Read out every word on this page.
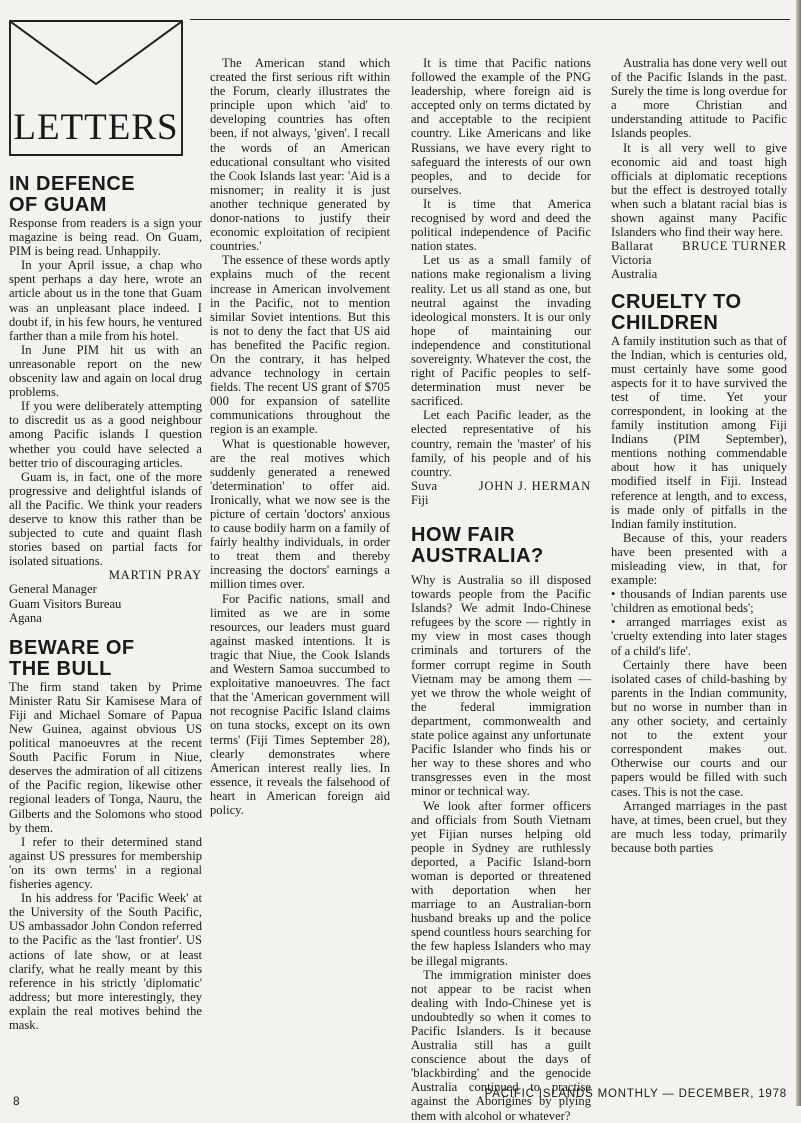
LETTERS
IN DEFENCE
OF GUAM

Response from readers is a sign your magazine is being read. On Guam, PIM is being read. Unhappily.

In your April issue, a chap who spent perhaps a day here, wrote an article about us in the tone that Guam was an unpleasant place indeed. I doubt if, in his few hours, he ventured farther than a mile from his hotel.

In June PIM hit us with an unreasonable report on the new obscenity law and again on local drug problems.

If you were deliberately attempting to discredit us as a good neighbour among Pacific islands I question whether you could have selected a better trio of discouraging articles.

Guam is, in fact, one of the more progressive and delightful islands of all the Pacific. We think your readers deserve to know this rather than be subjected to cute and quaint flash stories based on partial facts for isolated situations.

MARTIN PRAY
General Manager
Guam Visitors Bureau
Agana
BEWARE OF
THE BULL

The firm stand taken by Prime Minister Ratu Sir Kamisese Mara of Fiji and Michael Somare of Papua New Guinea, against obvious US political manoeuvres at the recent South Pacific Forum in Niue, deserves the admiration of all citizens of the Pacific region, likewise other regional leaders of Tonga, Nauru, the Gilberts and the Solomons who stood by them.

I refer to their determined stand against US pressures for membership 'on its own terms' in a regional fisheries agency.

In his address for 'Pacific Week' at the University of the South Pacific, US ambassador John Condon referred to the Pacific as the 'last frontier'. US actions of late show, or at least clarify, what he really meant by this reference in his strictly 'diplomatic' address; but more interestingly, they explain the real motives behind the mask.

The American stand which created the first serious rift within the Forum, clearly illustrates the principle upon which 'aid' to developing countries has often been, if not always, 'given'. I recall the words of an American educational consultant who visited the Cook Islands last year: 'Aid is a misnomer; in reality it is just another technique generated by donor-nations to justify their economic exploitation of recipient countries.'

The essence of these words aptly explains much of the recent increase in American involvement in the Pacific, not to mention similar Soviet intentions. But this is not to deny the fact that US aid has benefited the Pacific region. On the contrary, it has helped advance technology in certain fields. The recent US grant of $705 000 for expansion of satellite communications throughout the region is an example.

What is questionable however, are the real motives which suddenly generated a renewed 'determination' to offer aid. Ironically, what we now see is the picture of certain 'doctors' anxious to cause bodily harm on a family of fairly healthy individuals, in order to treat them and thereby increasing the doctors' earnings a million times over.

For Pacific nations, small and limited as we are in some resources, our leaders must guard against masked intentions. It is tragic that Niue, the Cook Islands and Western Samoa succumbed to exploitative manoeuvres. The fact that the 'American government will not recognise Pacific Island claims on tuna stocks, except on its own terms' (Fiji Times September 28), clearly demonstrates where American interest really lies. In essence, it reveals the falsehood of heart in American foreign aid policy.

It is time that Pacific nations followed the example of the PNG leadership, where foreign aid is accepted only on terms dictated by and acceptable to the recipient country. Like Americans and like Russians, we have every right to safeguard the interests of our own peoples, and to decide for ourselves.

It is time that America recognised by word and deed the political independence of Pacific nation states.

Let us as a small family of nations make regionalism a living reality. Let us all stand as one, but neutral against the invading ideological monsters. It is our only hope of maintaining our independence and constitutional sovereignty. Whatever the cost, the right of Pacific peoples to self-determination must never be sacrificed.

Let each Pacific leader, as the elected representative of his country, remain the 'master' of his family, of his people and of his country.

Suva	JOHN J. HERMAN
Fiji
HOW FAIR
AUSTRALIA?

Why is Australia so ill disposed towards people from the Pacific Islands? We admit Indo-Chinese refugees by the score — rightly in my view in most cases though criminals and torturers of the former corrupt regime in South Vietnam may be among them — yet we throw the whole weight of the federal immigration department, commonwealth and state police against any unfortunate Pacific Islander who finds his or her way to these shores and who transgresses even in the most minor or technical way.

We look after former officers and officials from South Vietnam yet Fijian nurses helping old people in Sydney are ruthlessly deported, a Pacific Island-born woman is deported or threatened with deportation when her marriage to an Australian-born husband breaks up and the police spend countless hours searching for the few hapless Islanders who may be illegal migrants.

The immigration minister does not appear to be racist when dealing with Indo-Chinese yet is undoubtedly so when it comes to Pacific Islanders. Is it because Australia still has a guilt conscience about the days of 'blackbirding' and the genocide Australia continued to practise against the Aborigines by plying them with alcohol or whatever?

Australia has done very well out of the Pacific Islands in the past. Surely the time is long overdue for a more Christian and understanding attitude to Pacific Islands peoples.

It is all very well to give economic aid and toast high officials at diplomatic receptions but the effect is destroyed totally when such a blatant racial bias is shown against many Pacific Islanders who find their way here.

Ballarat BRUCE TURNER
Victoria
Australia
CRUELTY TO
CHILDREN

A family institution such as that of the Indian, which is centuries old, must certainly have some good aspects for it to have survived the test of time. Yet your correspondent, in looking at the family institution among Fiji Indians (PIM September), mentions nothing commendable about how it has uniquely modified itself in Fiji. Instead reference at length, and to excess, is made only of pitfalls in the Indian family institution.

Because of this, your readers have been presented with a misleading view, in that, for example:

• thousands of Indian parents use 'children as emotional beds';

• arranged marriages exist as 'cruelty extending into later stages of a child's life'.

Certainly there have been isolated cases of child-bashing by parents in the Indian community, but no worse in number than in any other society, and certainly not to the extent your correspondent makes out. Otherwise our courts and our papers would be filled with such cases. This is not the case.

Arranged marriages in the past have, at times, been cruel, but they are much less today, primarily because both parties

8	PACIFIC ISLANDS MONTHLY — DECEMBER, 1978
